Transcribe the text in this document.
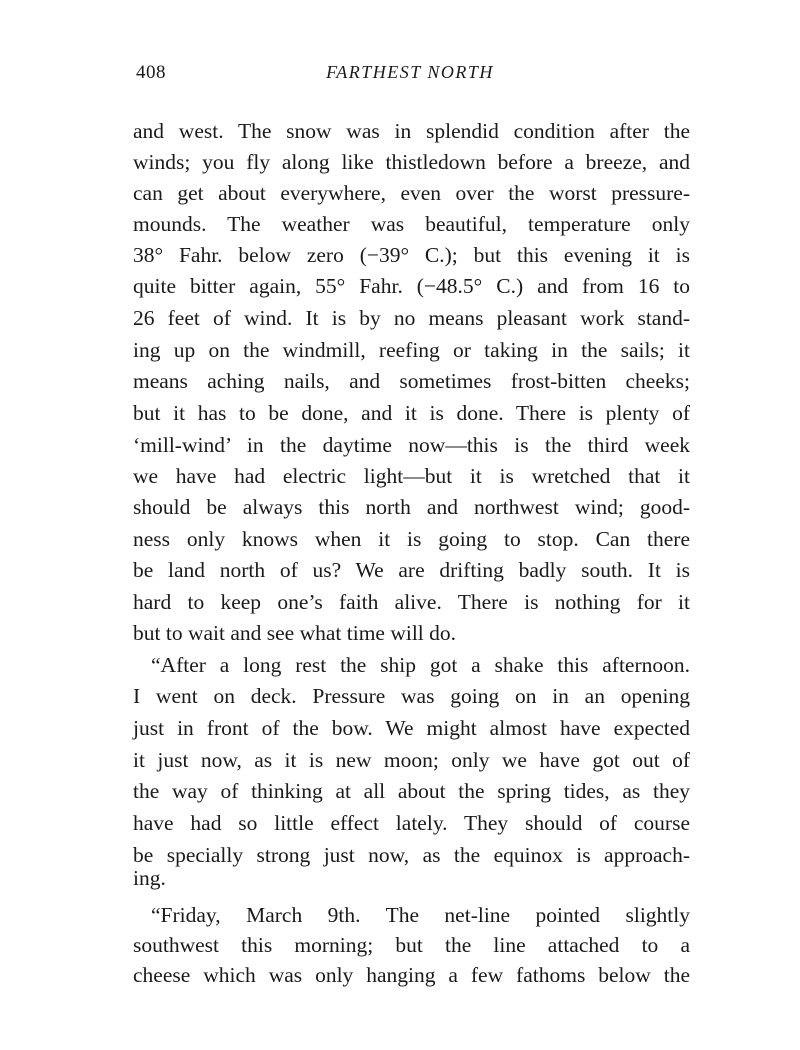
408	FARTHEST NORTH
and west. The snow was in splendid condition after the
winds; you fly along like thistledown before a breeze, and
can get about everywhere, even over the worst pressure-
mounds. The weather was beautiful, temperature only
38° Fahr. below zero (−39° C.); but this evening it is
quite bitter again, 55° Fahr. (−48.5° C.) and from 16 to
26 feet of wind. It is by no means pleasant work stand-
ing up on the windmill, reefing or taking in the sails; it
means aching nails, and sometimes frost-bitten cheeks;
but it has to be done, and it is done. There is plenty of
‘mill-wind’ in the daytime now—this is the third week
we have had electric light—but it is wretched that it
should be always this north and northwest wind; good-
ness only knows when it is going to stop. Can there
be land north of us? We are drifting badly south. It is
hard to keep one’s faith alive. There is nothing for it
but to wait and see what time will do.
“After a long rest the ship got a shake this afternoon.
I went on deck. Pressure was going on in an opening
just in front of the bow. We might almost have expected
it just now, as it is new moon; only we have got out of
the way of thinking at all about the spring tides, as they
have had so little effect lately. They should of course
be specially strong just now, as the equinox is approach-
ing.
“Friday, March 9th. The net-line pointed slightly
southwest this morning; but the line attached to a
cheese which was only hanging a few fathoms below the
